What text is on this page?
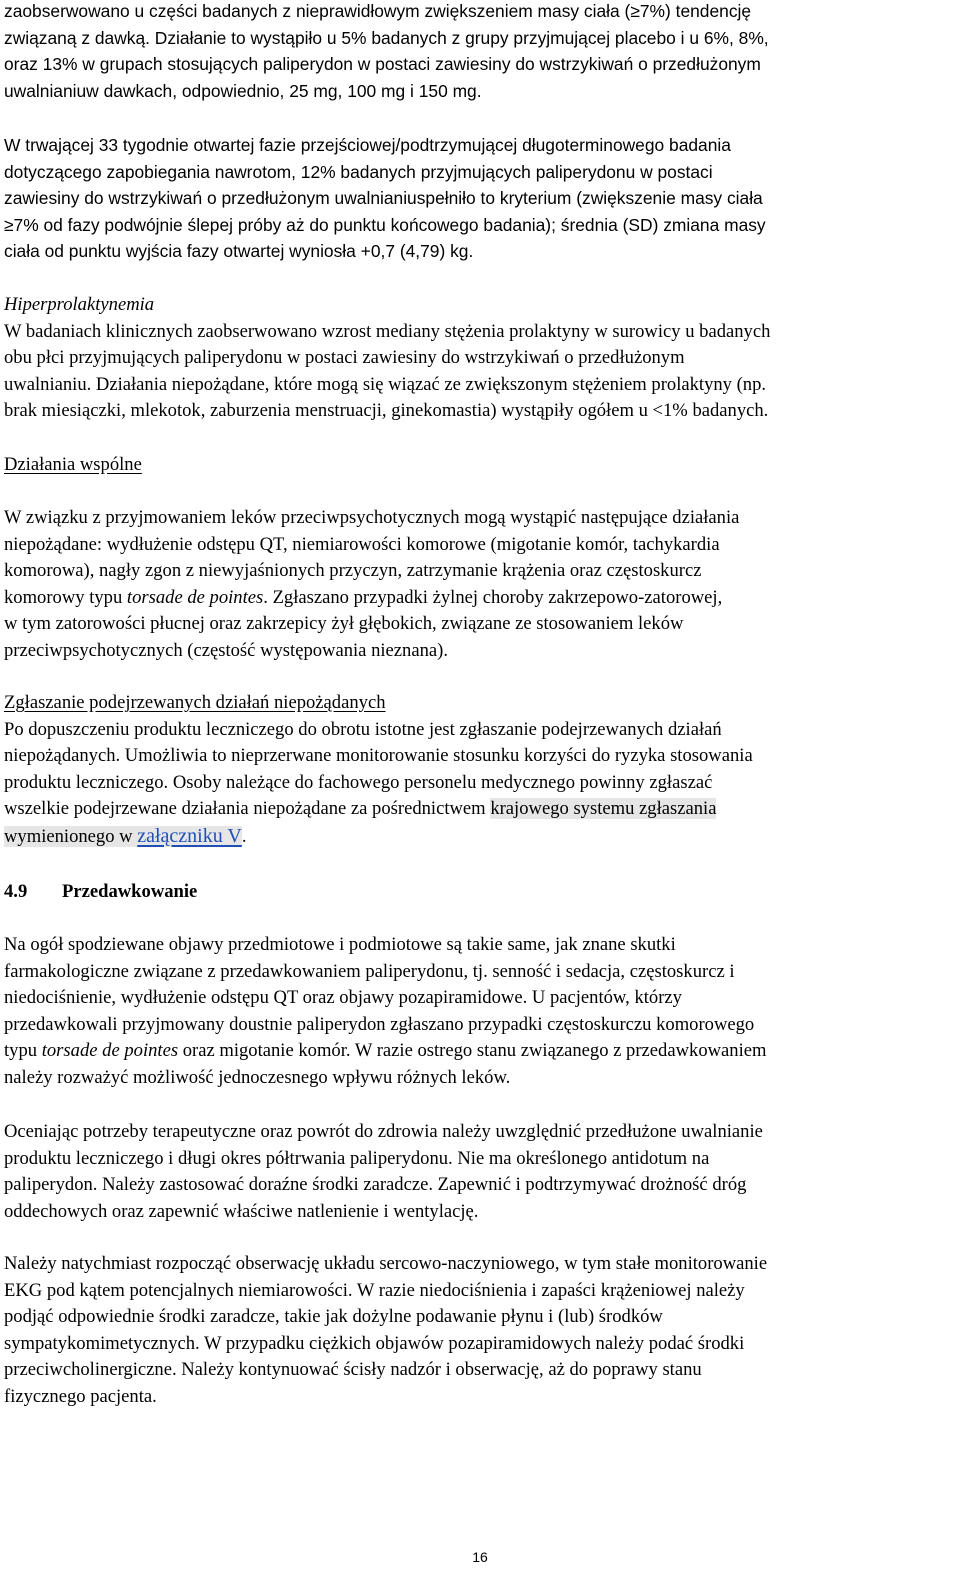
zaobserwowano u części badanych z nieprawidłowym zwiększeniem masy ciała (≥7%) tendencję
związaną z dawką. Działanie to wystąpiło u 5% badanych z grupy przyjmującej placebo i u 6%, 8%,
oraz 13% w grupach stosujących paliperydon w postaci zawiesiny do wstrzykiwań o przedłużonym
uwalnianiuw dawkach, odpowiednio, 25 mg, 100 mg i 150 mg.
W trwającej 33 tygodnie otwartej fazie przejściowej/podtrzymującej długoterminowego badania
dotyczącego zapobiegania nawrotom, 12% badanych przyjmujących paliperydonu w postaci
zawiesiny do wstrzykiwań o przedłużonym uwalnianiuspełniło to kryterium (zwiększenie masy ciała
≥7% od fazy podwójnie ślepej próby aż do punktu końcowego badania); średnia (SD) zmiana masy
ciała od punktu wyjścia fazy otwartej wyniosła +0,7 (4,79) kg.
Hiperprolaktynemia
W badaniach klinicznych zaobserwowano wzrost mediany stężenia prolaktyny w surowicy u badanych
obu płci przyjmujących paliperydonu w postaci zawiesiny do wstrzykiwań o przedłużonym
uwalnianiu. Działania niepożądane, które mogą się wiązać ze zwiększonym stężeniem prolaktyny (np.
brak miesiączki, mlekotok, zaburzenia menstruacji, ginekomastia) wystąpiły ogółem u <1% badanych.
Działania wspólne
W związku z przyjmowaniem leków przeciwpsychotycznych mogą wystąpić następujące działania
niepożądane: wydłużenie odstępu QT, niemiarowości komorowe (migotanie komór, tachykardia
komorowa), nagły zgon z niewyjaśnionych przyczyn, zatrzymanie krążenia oraz częstoskurcz
komorowy typu torsade de pointes. Zgłaszano przypadki żylnej choroby zakrzepowo-zatorowej,
w tym zatorowości płucnej oraz zakrzepicy żył głębokich, związane ze stosowaniem leków
przeciwpsychotycznych (częstość występowania nieznana).
Zgłaszanie podejrzewanych działań niepożądanych
Po dopuszczeniu produktu leczniczego do obrotu istotne jest zgłaszanie podejrzewanych działań
niepożądanych. Umożliwia to nieprzerwane monitorowanie stosunku korzyści do ryzyka stosowania
produktu leczniczego. Osoby należące do fachowego personelu medycznego powinny zgłaszać
wszelkie podejrzewane działania niepożądane za pośrednictwem krajowego systemu zgłaszania
wymienionego w załączniku V.
4.9 Przedawkowanie
Na ogół spodziewane objawy przedmiotowe i podmiotowe są takie same, jak znane skutki
farmakologiczne związane z przedawkowaniem paliperydonu, tj. senność i sedacja, częstoskurcz i
niedociśnienie, wydłużenie odstępu QT oraz objawy pozapiramidowe. U pacjentów, którzy
przedawkowali przyjmowany doustnie paliperydon zgłaszano przypadki częstoskurczu komorowego
typu torsade de pointes oraz migotanie komór. W razie ostrego stanu związanego z przedawkowaniem
należy rozważyć możliwość jednoczesnego wpływu różnych leków.
Oceniając potrzeby terapeutyczne oraz powrót do zdrowia należy uwzględnić przedłużone uwalnianie
produktu leczniczego i długi okres półtrwania paliperydonu. Nie ma określonego antidotum na
paliperydon. Należy zastosować doraźne środki zaradcze. Zapewnić i podtrzymywać drożność dróg
oddechowych oraz zapewnić właściwe natlenienie i wentylację.
Należy natychmiast rozpocząć obserwację układu sercowo-naczyniowego, w tym stałe monitorowanie
EKG pod kątem potencjalnych niemiarowości. W razie niedociśnienia i zapaści krążeniowej należy
podjąć odpowiednie środki zaradcze, takie jak dożylne podawanie płynu i (lub) środków
sympatykomimetycznych. W przypadku ciężkich objawów pozapiramidowych należy podać środki
przeciwcholinergiczne. Należy kontynuować ścisły nadzór i obserwację, aż do poprawy stanu
fizycznego pacjenta.
16
